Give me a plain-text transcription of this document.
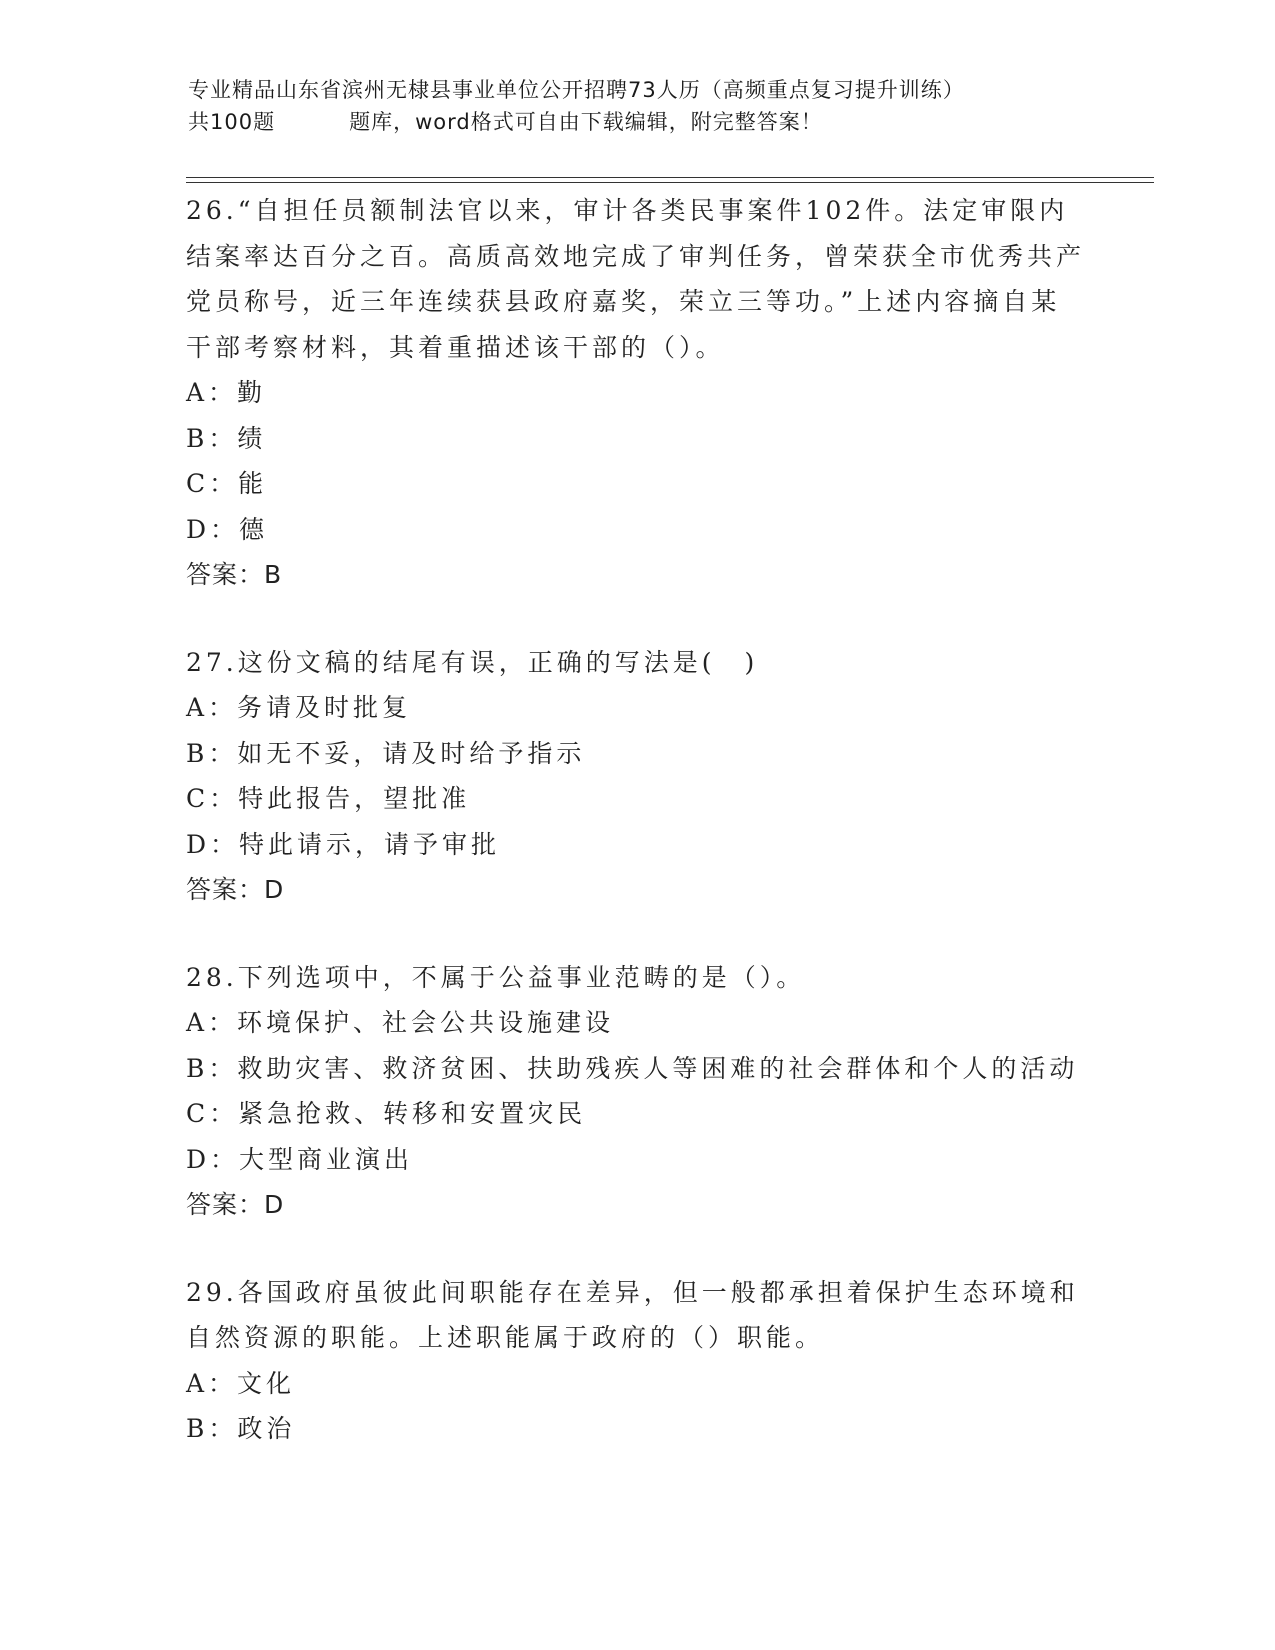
专业精品山东省滨州无棣县事业单位公开招聘73人历（高频重点复习提升训练）
共100题	题库，word格式可自由下载编辑，附完整答案！

26.“自担任员额制法官以来，审计各类民事案件102件。法定审限内结案率达百分之百。高质高效地完成了审判任务，曾荣获全市优秀共产党员称号，近三年连续获县政府嘉奖，荣立三等功。”上述内容摘自某干部考察材料，其着重描述该干部的（）。

A：勤

B：绩

C：能

D：德

答案：B

27.这份文稿的结尾有误，正确的写法是(　)

A：务请及时批复

B：如无不妥，请及时给予指示

C：特此报告，望批准

D：特此请示，请予审批

答案：D

28.下列选项中，不属于公益事业范畴的是（）。

A：环境保护、社会公共设施建设

B：救助灾害、救济贫困、扶助残疾人等困难的社会群体和个人的活动

C：紧急抢救、转移和安置灾民

D：大型商业演出

答案：D

29.各国政府虽彼此间职能存在差异，但一般都承担着保护生态环境和自然资源的职能。上述职能属于政府的（）职能。

A：文化

B：政治
